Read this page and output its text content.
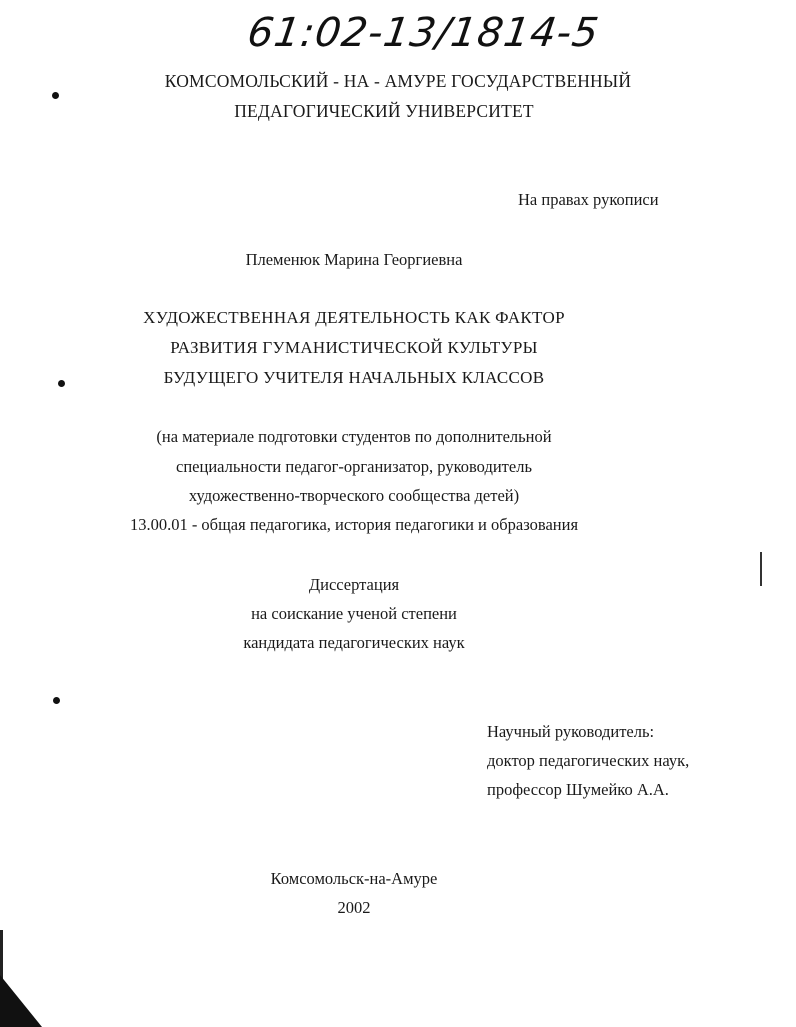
61:02-13/1814-5
КОМСОМОЛЬСКИЙ - НА - АМУРЕ ГОСУДАРСТВЕННЫЙ
ПЕДАГОГИЧЕСКИЙ УНИВЕРСИТЕТ
На правах рукописи
Племенюк Марина Георгиевна
ХУДОЖЕСТВЕННАЯ ДЕЯТЕЛЬНОСТЬ КАК ФАКТОР
РАЗВИТИЯ ГУМАНИСТИЧЕСКОЙ КУЛЬТУРЫ
БУДУЩЕГО УЧИТЕЛЯ НАЧАЛЬНЫХ КЛАССОВ
(на материале подготовки студентов по дополнительной
специальности педагог-организатор, руководитель
художественно-творческого сообщества детей)
13.00.01 - общая педагогика, история педагогики и образования
Диссертация
на соискание ученой степени
кандидата педагогических наук
Научный руководитель:
доктор педагогических наук,
профессор Шумейко А.А.
Комсомольск-на-Амуре
2002
